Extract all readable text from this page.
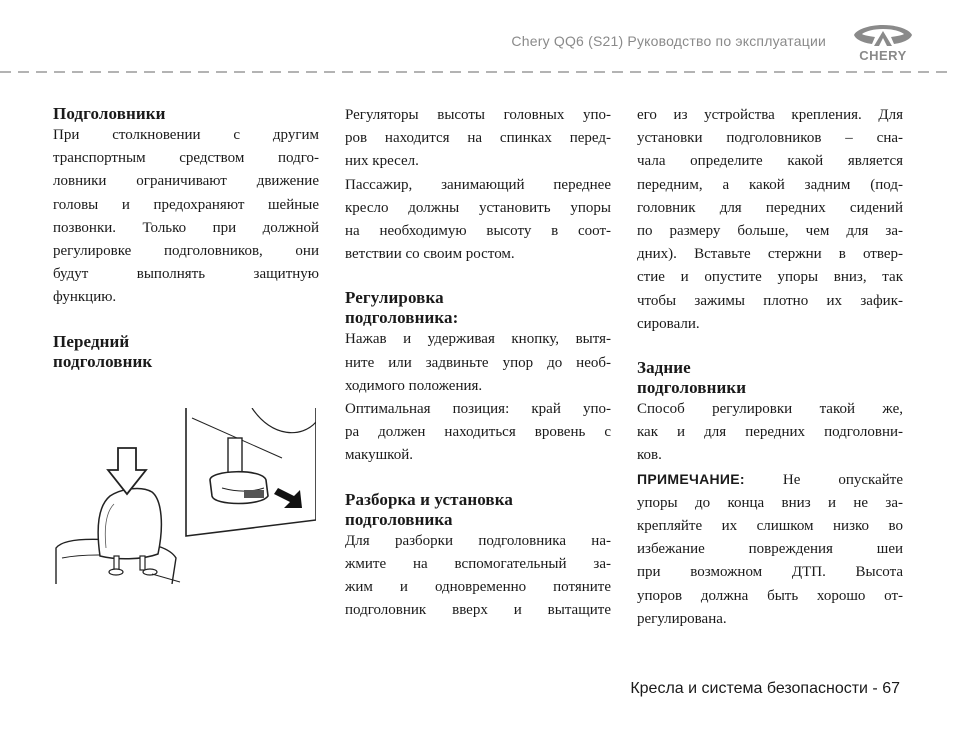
Chery QQ6 (S21) Руководство по эксплуатации
CHERY
Подголовники

При столкновении с другим

транспортным средством подго-

ловники ограничивают движение

головы и предохраняют шейные

позвонки. Только при должной

регулировке подголовников, они

будут выполнять защитную

функцию.

Передний
подголовник

Регуляторы высоты головных упо-

ров находится на спинках перед-

них кресел.

Пассажир, занимающий переднее

кресло должны установить упоры

на необходимую высоту в соот-

ветствии со своим ростом.

Регулировка
подголовника:

Нажав и удерживая кнопку, вытя-

ните или задвиньте упор до необ-

ходимого положения.

Оптимальная позиция: край упо-

ра должен находиться вровень с

макушкой.

Разборка и установка
подголовника

Для разборки подголовника на-

жмите на вспомогательный за-

жим и одновременно потяните

подголовник вверх и вытащите

его из устройства крепления. Для

установки подголовников – сна-

чала определите какой является

передним, а какой задним (под-

головник для передних сидений

по размеру больше, чем для за-

дних). Вставьте стержни в отвер-

стие и опустите упоры вниз, так

чтобы зажимы плотно их зафик-

сировали.

Задние
подголовники

Способ регулировки такой же,

как и для передних подголовни-

ков.

ПРИМЕЧАНИЕ: Не опускайте

упоры до конца вниз и не за-

крепляйте их слишком низко во

избежание повреждения шеи

при возможном ДТП. Высота

упоров должна быть хорошо от-

регулирована.

Кресла и система безопасности - 67
